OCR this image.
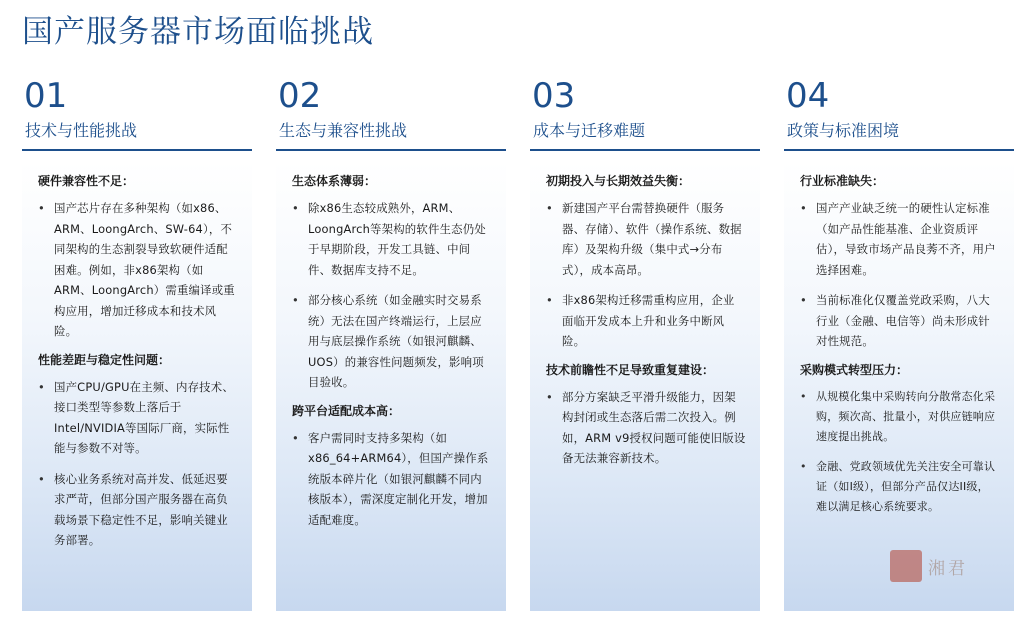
国产服务器市场面临挑战
01
技术与性能挑战
硬件兼容性不足：
• 国产芯片存在多种架构（如x86、ARM、LoongArch、SW-64），不同架构的生态割裂导致软硬件适配困难。例如，非x86架构（如ARM、LoongArch）需重编译或重构应用，增加迁移成本和技术风险。
性能差距与稳定性问题：
• 国产CPU/GPU在主频、内存技术、接口类型等参数上落后于Intel/NVIDIA等国际厂商，实际性能与参数不对等。
• 核心业务系统对高并发、低延迟要求严苛，但部分国产服务器在高负载场景下稳定性不足，影响关键业务部署。
02
生态与兼容性挑战
生态体系薄弱：
• 除x86生态较成熟外，ARM、LoongArch等架构的软件生态仍处于早期阶段，开发工具链、中间件、数据库支持不足。
• 部分核心系统（如金融实时交易系统）无法在国产终端运行，上层应用与底层操作系统（如银河麒麟、UOS）的兼容性问题频发，影响项目验收。
跨平台适配成本高：
• 客户需同时支持多架构（如x86_64+ARM64），但国产操作系统版本碎片化（如银河麒麟不同内核版本），需深度定制化开发，增加适配难度。
03
成本与迁移难题
初期投入与长期效益失衡：
• 新建国产平台需替换硬件（服务器、存储）、软件（操作系统、数据库）及架构升级（集中式→分布式），成本高昂。
• 非x86架构迁移需重构应用，企业面临开发成本上升和业务中断风险。
技术前瞻性不足导致重复建设：
• 部分方案缺乏平滑升级能力，因架构封闭或生态落后需二次投入。例如，ARM v9授权问题可能使旧版设备无法兼容新技术。
04
政策与标准困境
行业标准缺失：
• 国产产业缺乏统一的硬性认定标准（如产品性能基准、企业资质评估），导致市场产品良莠不齐，用户选择困难。
• 当前标准化仅覆盖党政采购，八大行业（金融、电信等）尚未形成针对性规范。
采购模式转型压力：
• 从规模化集中采购转向分散常态化采购，频次高、批量小，对供应链响应速度提出挑战。
• 金融、党政领域优先关注安全可靠认证（如I级），但部分产品仅达II级，难以满足核心系统要求。
湘君
